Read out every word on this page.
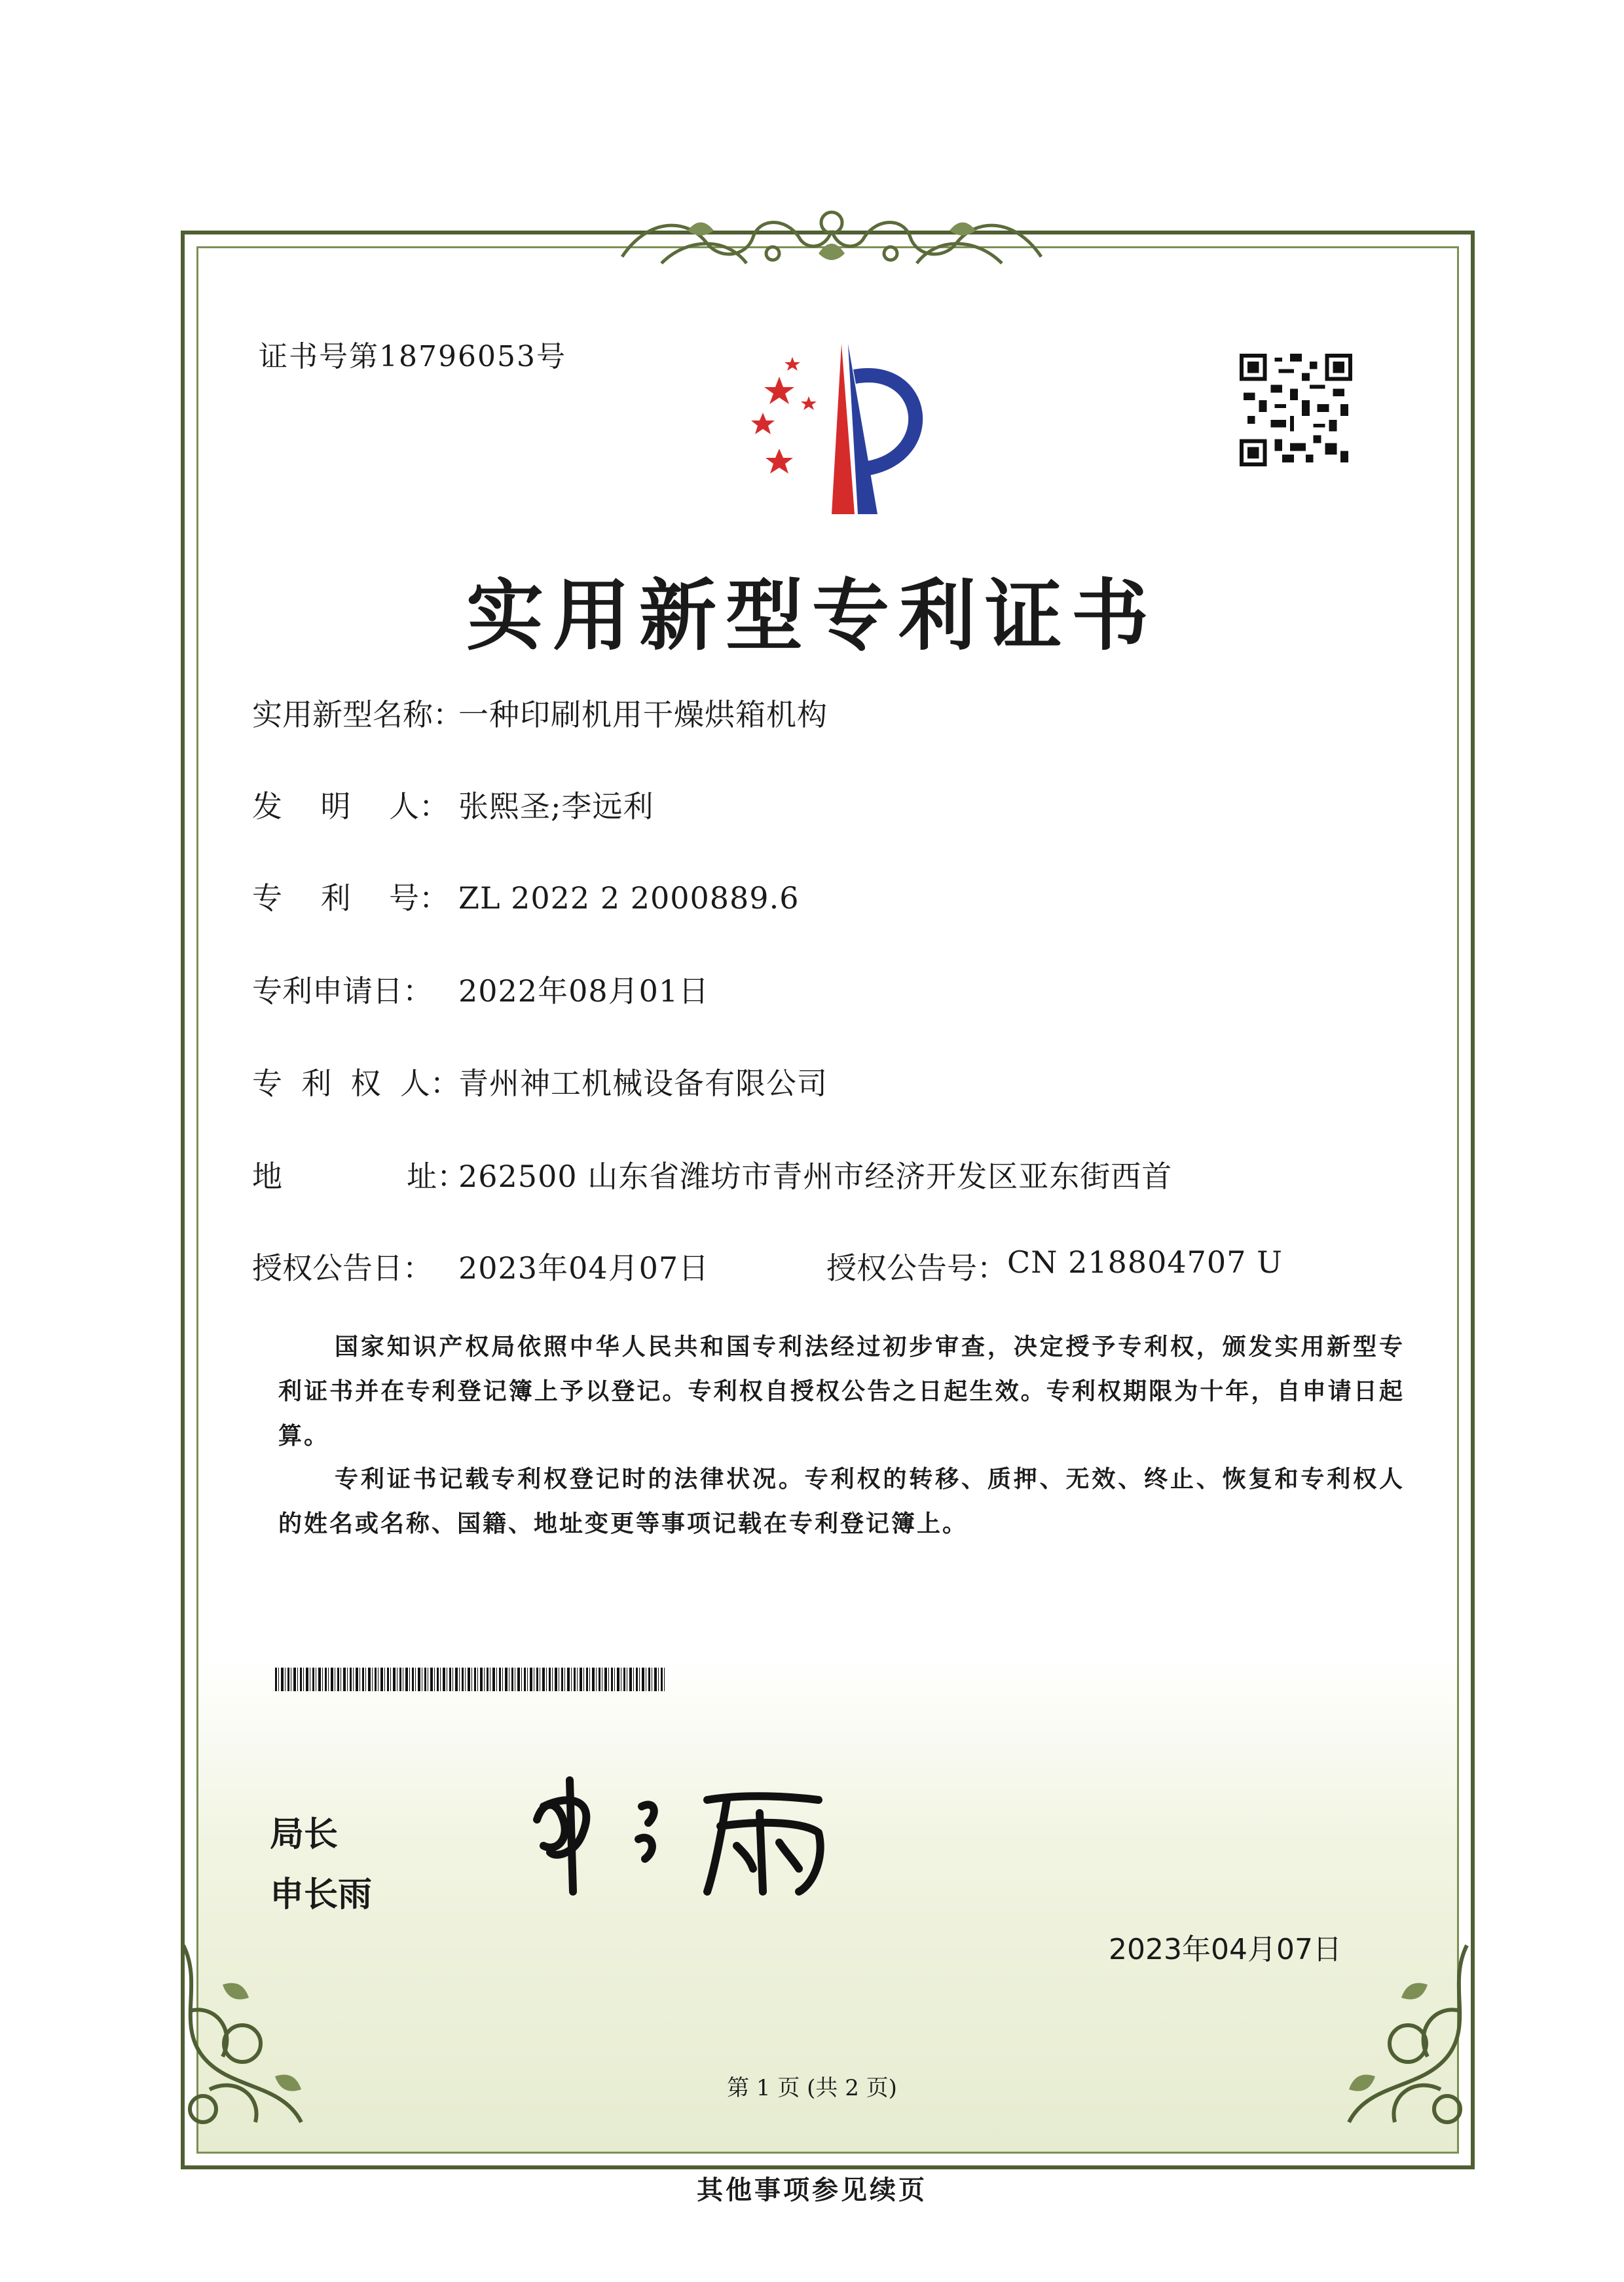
证书号第18796053号
实用新型专利证书
实用新型名称：
一种印刷机用干燥烘箱机构
发    明    人： 张熙圣;李远利
专    利    号： ZL 2022 2 2000889.6
专利申请日： 2022年08月01日
专  利  权  人：
青州神工机械设备有限公司
地             址：
262500 山东省潍坊市青州市经济开发区亚东街西首
授权公告日： 2023年04月07日	授权公告号： CN 218804707 U
国家知识产权局依照中华人民共和国专利法经过初步审查，决定授予专利权，颁发实用新型专利证书并在专利登记簿上予以登记。专利权自授权公告之日起生效。专利权期限为十年，自申请日起算。
专利证书记载专利权登记时的法律状况。专利权的转移、质押、无效、终止、恢复和专利权人的姓名或名称、国籍、地址变更等事项记载在专利登记簿上。
局长
申长雨
2023年04月07日
第 1 页 (共 2 页)
其他事项参见续页
